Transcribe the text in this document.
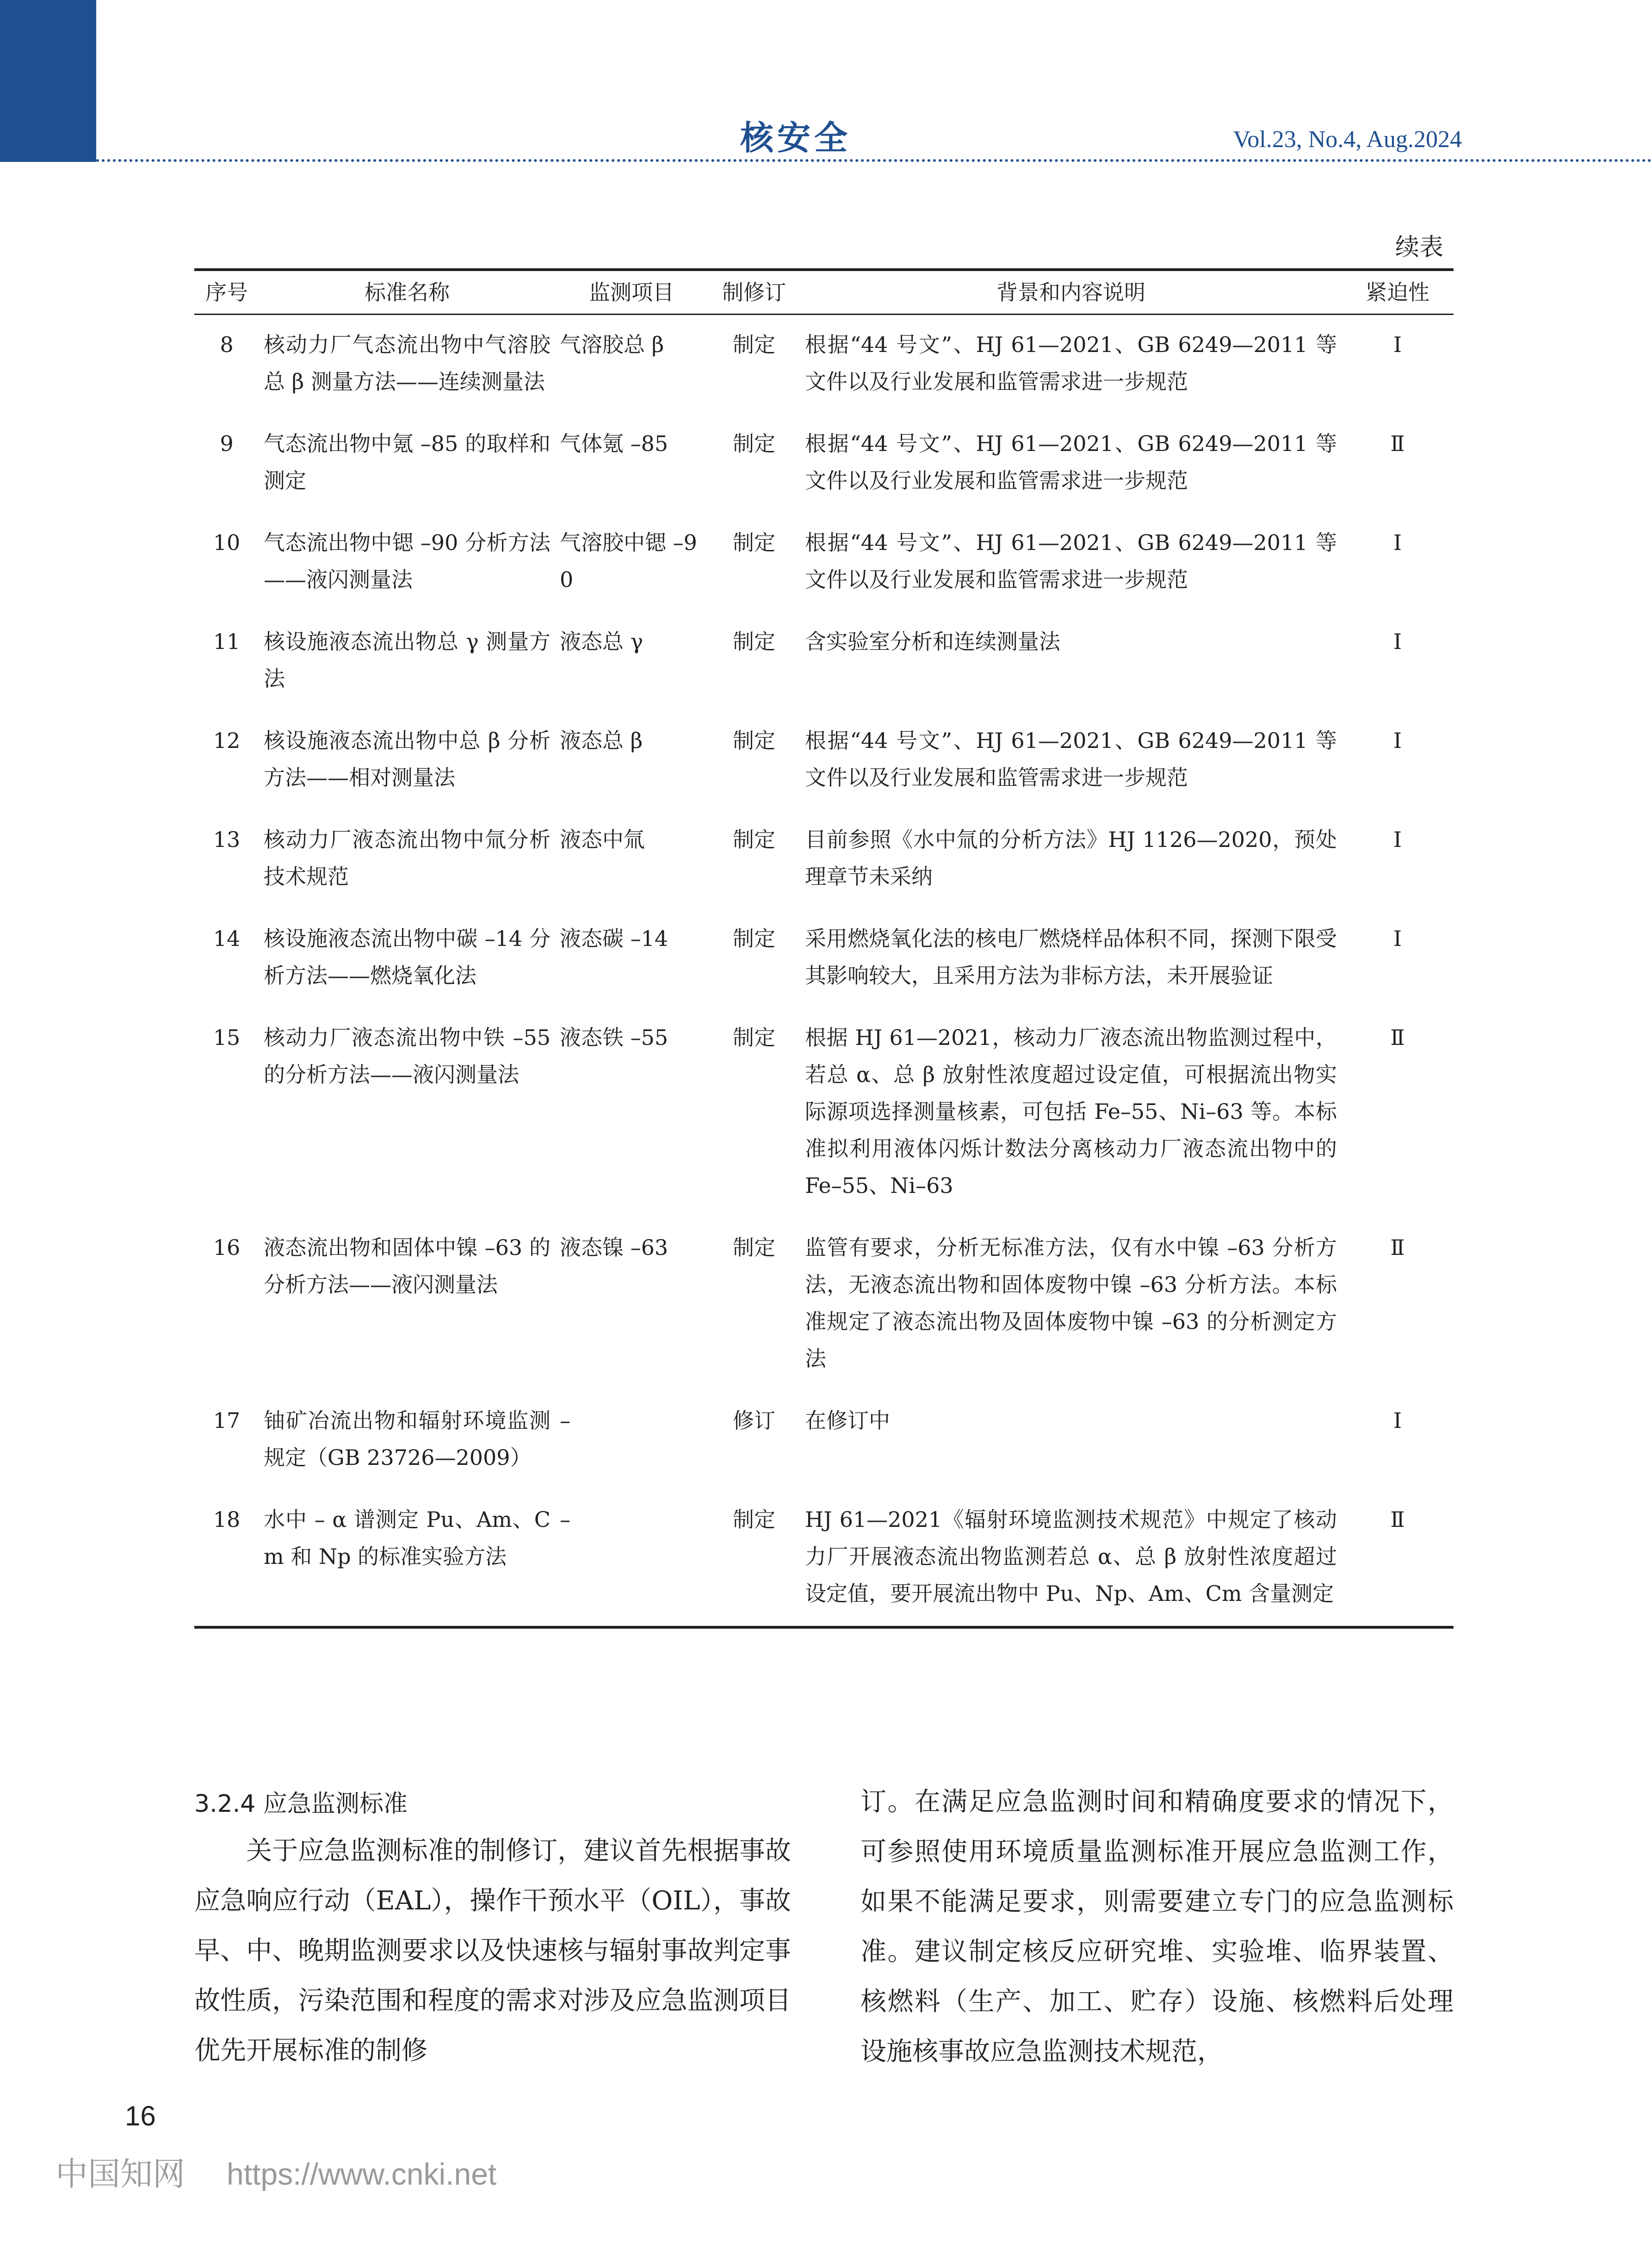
核安全	Vol.23, No.4, Aug.2024
续表
序号	标准名称	监测项目	制修订	背景和内容说明	紧迫性
8	核动力厂气态流出物中气溶胶总 β 测量方法——连续测量法	气溶胶总 β	制定	根据“44 号文”、HJ 61—2021、GB 6249—2011 等文件以及行业发展和监管需求进一步规范	Ⅰ
9	气态流出物中氪 –85 的取样和测定	气体氪 –85	制定	根据“44 号文”、HJ 61—2021、GB 6249—2011 等文件以及行业发展和监管需求进一步规范	Ⅱ
10	气态流出物中锶 –90 分析方法——液闪测量法	气溶胶中锶 –90	制定	根据“44 号文”、HJ 61—2021、GB 6249—2011 等文件以及行业发展和监管需求进一步规范	Ⅰ
11	核设施液态流出物总 γ 测量方法	液态总 γ	制定	含实验室分析和连续测量法	Ⅰ
12	核设施液态流出物中总 β 分析方法——相对测量法	液态总 β	制定	根据“44 号文”、HJ 61—2021、GB 6249—2011 等文件以及行业发展和监管需求进一步规范	Ⅰ
13	核动力厂液态流出物中氚分析技术规范	液态中氚	制定	目前参照《水中氚的分析方法》HJ 1126—2020，预处理章节未采纳	Ⅰ
14	核设施液态流出物中碳 –14 分析方法——燃烧氧化法	液态碳 –14	制定	采用燃烧氧化法的核电厂燃烧样品体积不同，探测下限受其影响较大，且采用方法为非标方法，未开展验证	Ⅰ
15	核动力厂液态流出物中铁 –55 的分析方法——液闪测量法	液态铁 –55	制定	根据 HJ 61—2021，核动力厂液态流出物监测过程中，若总 α、总 β 放射性浓度超过设定值，可根据流出物实际源项选择测量核素，可包括 Fe–55、Ni–63 等。本标准拟利用液体闪烁计数法分离核动力厂液态流出物中的 Fe–55、Ni–63	Ⅱ
16	液态流出物和固体中镍 –63 的分析方法——液闪测量法	液态镍 –63	制定	监管有要求，分析无标准方法，仅有水中镍 –63 分析方法，无液态流出物和固体废物中镍 –63 分析方法。本标准规定了液态流出物及固体废物中镍 –63 的分析测定方法	Ⅱ
17	铀矿冶流出物和辐射环境监测规定（GB 23726—2009）	–	修订	在修订中	Ⅰ
18	水中 – α 谱测定 Pu、Am、Cm 和 Np 的标准实验方法	–	制定	HJ 61—2021《辐射环境监测技术规范》中规定了核动力厂开展液态流出物监测若总 α、总 β 放射性浓度超过设定值，要开展流出物中 Pu、Np、Am、Cm 含量测定	Ⅱ
3.2.4 应急监测标准
关于应急监测标准的制修订，建议首先根据事故应急响应行动（EAL），操作干预水平（OIL），事故早、中、晚期监测要求以及快速核与辐射事故判定事故性质，污染范围和程度的需求对涉及应急监测项目优先开展标准的制修
订。在满足应急监测时间和精确度要求的情况下，可参照使用环境质量监测标准开展应急监测工作，如果不能满足要求，则需要建立专门的应急监测标准。建议制定核反应研究堆、实验堆、临界装置、核燃料（生产、加工、贮存）设施、核燃料后处理设施核事故应急监测技术规范，
16
中国知网	https://www.cnki.net
